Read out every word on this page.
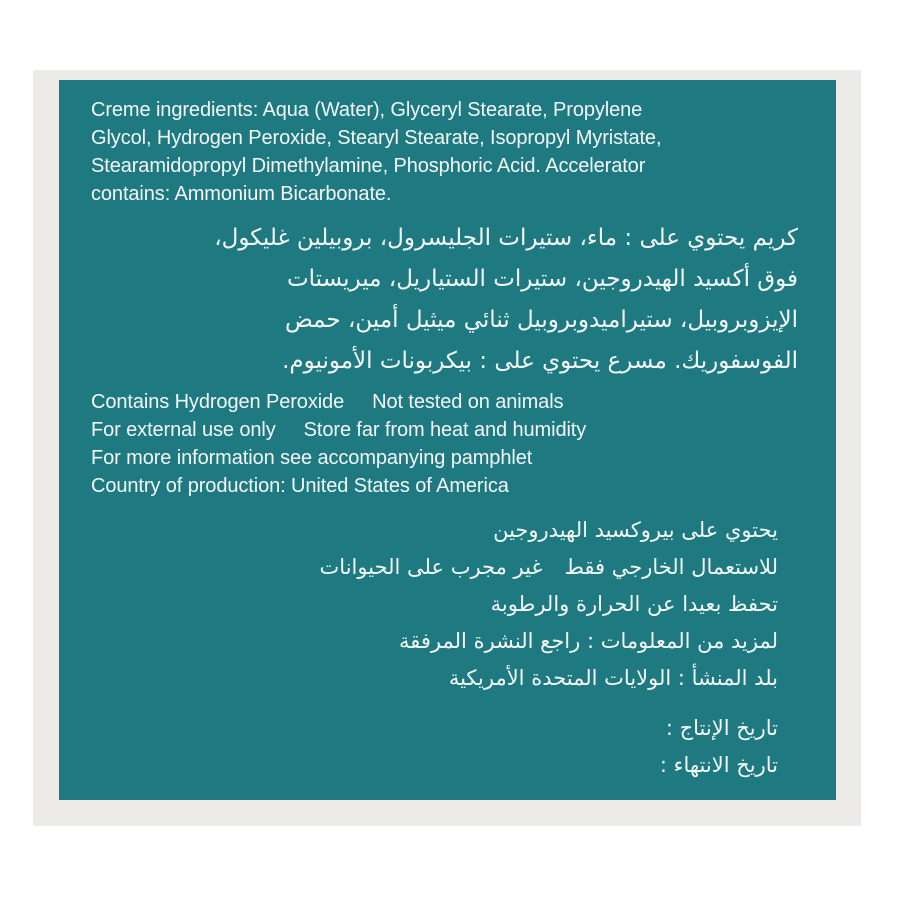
Creme ingredients: Aqua (Water), Glyceryl Stearate, Propylene
Glycol, Hydrogen Peroxide, Stearyl Stearate, Isopropyl Myristate,
Stearamidopropyl Dimethylamine, Phosphoric Acid. Accelerator
contains: Ammonium Bicarbonate.
كريم يحتوي على : ماء، ستيرات الجليسرول، بروبيلين غليكول،
فوق أكسيد الهيدروجين، ستيرات الستياريل، ميريستات
الإيزوبروبيل، ستيراميدوبروبيل ثنائي ميثيل أمين، حمض
الفوسفوريك. مسرع يحتوي على : بيكربونات الأمونيوم.
Contains Hydrogen Peroxide Not tested on animals
For external use only Store far from heat and humidity
For more information see accompanying pamphlet
Country of production: United States of America
يحتوي على بيروكسيد الهيدروجين
للاستعمال الخارجي فقطغير مجرب على الحيوانات
تحفظ بعيدا عن الحرارة والرطوبة
لمزيد من المعلومات : راجع النشرة المرفقة
بلد المنشأ : الولايات المتحدة الأمريكية
تاريخ الإنتاج :
تاريخ الانتهاء :
